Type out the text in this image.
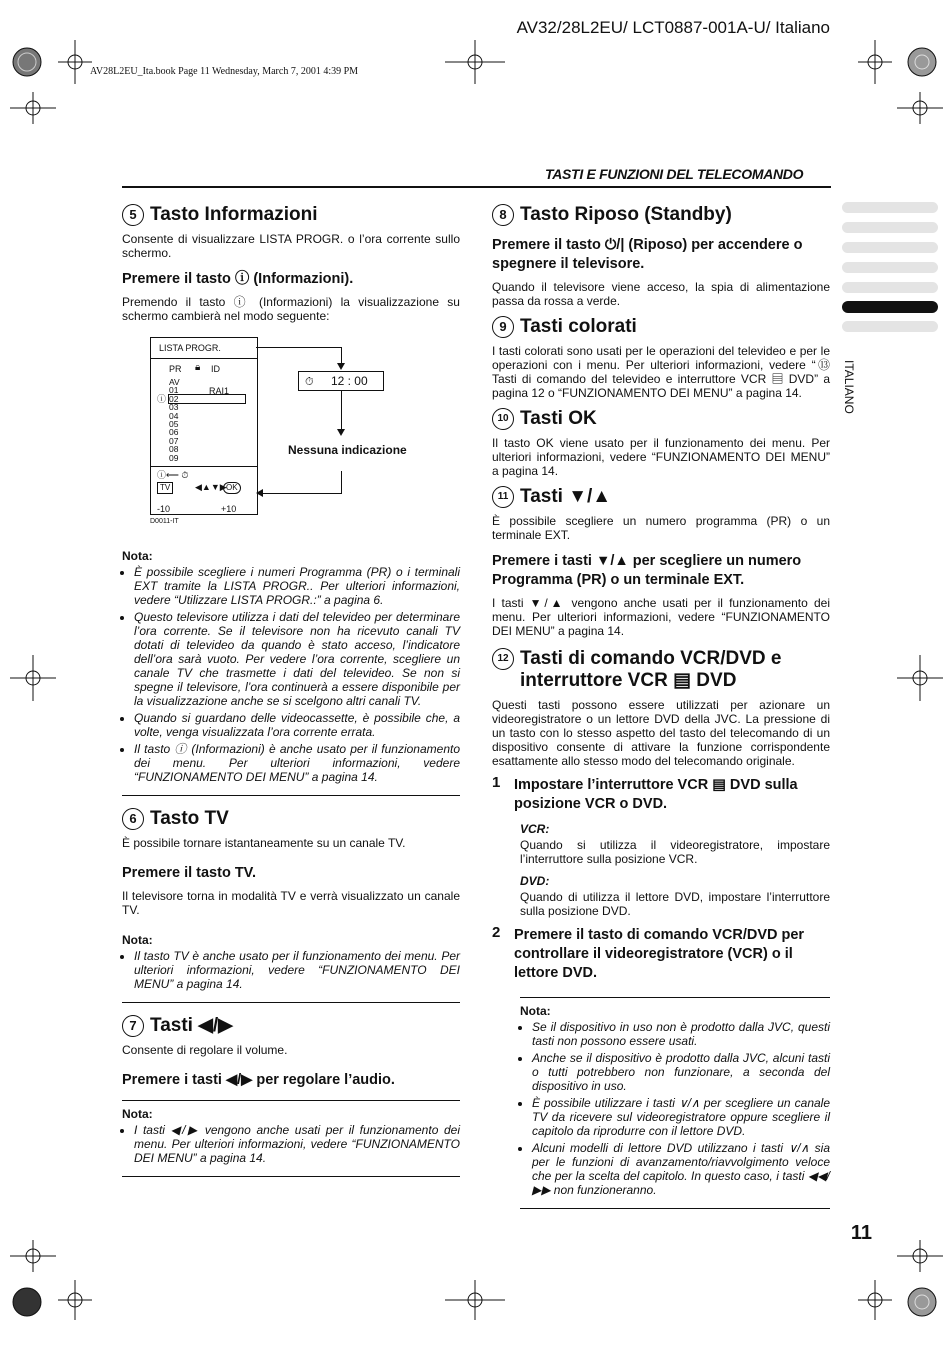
AV32/28L2EU/ LCT0887-001A-U/ Italiano
AV28L2EU_Ita.book Page 11 Wednesday, March 7, 2001 4:39 PM
TASTI E FUNZIONI DEL TELECOMANDO
ITALIANO
5 Tasto Informazioni

Consente di visualizzare LISTA PROGR. o l’ora corrente sullo schermo.

Premere il tasto ⓘ (Informazioni).

Premendo il tasto ⓘ (Informazioni) la visualizzazione su schermo cambierà nel modo seguente:

LISTA PROGR.
PR 🔒︎ ID
AV
01
02
03
04
05
06
07
08
09
RAI1
ⓘ
ⓘ⟵ ⏱
TV	◀▲▼▶ OK
-10	+10
D0011-IT
⏱ 12 : 00
Nessuna indicazione
Nota:
• È possibile scegliere i numeri Programma (PR) o i terminali EXT tramite la LISTA PROGR.. Per ulteriori informazioni, vedere “Utilizzare LISTA PROGR.:” a pagina 6.
• Questo televisore utilizza i dati del televideo per determinare l’ora corrente. Se il televisore non ha ricevuto canali TV dotati di televideo da quando è stato acceso, l’indicatore dell’ora sarà vuoto. Per vedere l’ora corrente, scegliere un canale TV che trasmette i dati del televideo. Se non si spegne il televisore, l’ora continuerà a essere disponibile per la visualizzazione anche se si scelgono altri canali TV.
• Quando si guardano delle videocassette, è possibile che, a volte, venga visualizzata l’ora corrente errata.
• Il tasto ⓘ (Informazioni) è anche usato per il funzionamento dei menu. Per ulteriori informazioni, vedere “FUNZIONAMENTO DEI MENU” a pagina 14.
6 Tasto TV

È possibile tornare istantaneamente su un canale TV.

Premere il tasto TV.

Il televisore torna in modalità TV e verrà visualizzato un canale TV.

Nota:
• Il tasto TV è anche usato per il funzionamento dei menu. Per ulteriori informazioni, vedere “FUNZIONAMENTO DEI MENU” a pagina 14.
7 Tasti ◀/▶

Consente di regolare il volume.

Premere i tasti ◀/▶ per regolare l’audio.
Nota:
• I tasti ◀/▶ vengono anche usati per il funzionamento dei menu. Per ulteriori informazioni, vedere “FUNZIONAMENTO DEI MENU” a pagina 14.
8 Tasto Riposo (Standby)
Premere il tasto ⏻/| (Riposo) per accendere o spegnere il televisore.

Quando il televisore viene acceso, la spia di alimentazione passa da rossa a verde.

9 Tasti colorati

I tasti colorati sono usati per le operazioni del televideo e per le operazioni con i menu. Per ulteriori informazioni, vedere “⑬ Tasti di comando del televideo e interruttore VCR ▤ DVD” a pagina 12 o “FUNZIONAMENTO DEI MENU” a pagina 14.

10 Tasti OK

Il tasto OK viene usato per il funzionamento dei menu. Per ulteriori informazioni, vedere “FUNZIONAMENTO DEI MENU” a pagina 14.

11 Tasti ▼/▲

È possibile scegliere un numero programma (PR) o un terminale EXT.

Premere i tasti ▼/▲ per scegliere un numero Programma (PR) o un terminale EXT.

I tasti ▼/▲ vengono anche usati per il funzionamento dei menu. Per ulteriori informazioni, vedere “FUNZIONAMENTO DEI MENU” a pagina 14.

12 Tasti di comando VCR/DVD e interruttore VCR ▤ DVD

Questi tasti possono essere utilizzati per azionare un videoregistratore o un lettore DVD della JVC. La pressione di un tasto con lo stesso aspetto del tasto del telecomando di un dispositivo consente di attivare la funzione corrispondente esattamente allo stesso modo del telecomando originale.

1 Impostare l’interruttore VCR ▤ DVD sulla posizione VCR o DVD.
VCR:

Quando si utilizza il videoregistratore, impostare l’interruttore sulla posizione VCR.

DVD:

Quando di utilizza il lettore DVD, impostare l’interruttore sulla posizione DVD.

2 Premere il tasto di comando VCR/DVD per controllare il videoregistratore (VCR) o il lettore DVD.
Nota:
• Se il dispositivo in uso non è prodotto dalla JVC, questi tasti non possono essere usati.
• Anche se il dispositivo è prodotto dalla JVC, alcuni tasti o tutti potrebbero non funzionare, a seconda del dispositivo in uso.
• È possibile utilizzare i tasti ∨/∧ per scegliere un canale TV da ricevere sul videoregistratore oppure scegliere il capitolo da riprodurre con il lettore DVD.
• Alcuni modelli di lettore DVD utilizzano i tasti ∨/∧ sia per le funzioni di avanzamento/riavvolgimento veloce che per la scelta del capitolo. In questo caso, i tasti ◀◀/▶▶ non funzioneranno.
11
